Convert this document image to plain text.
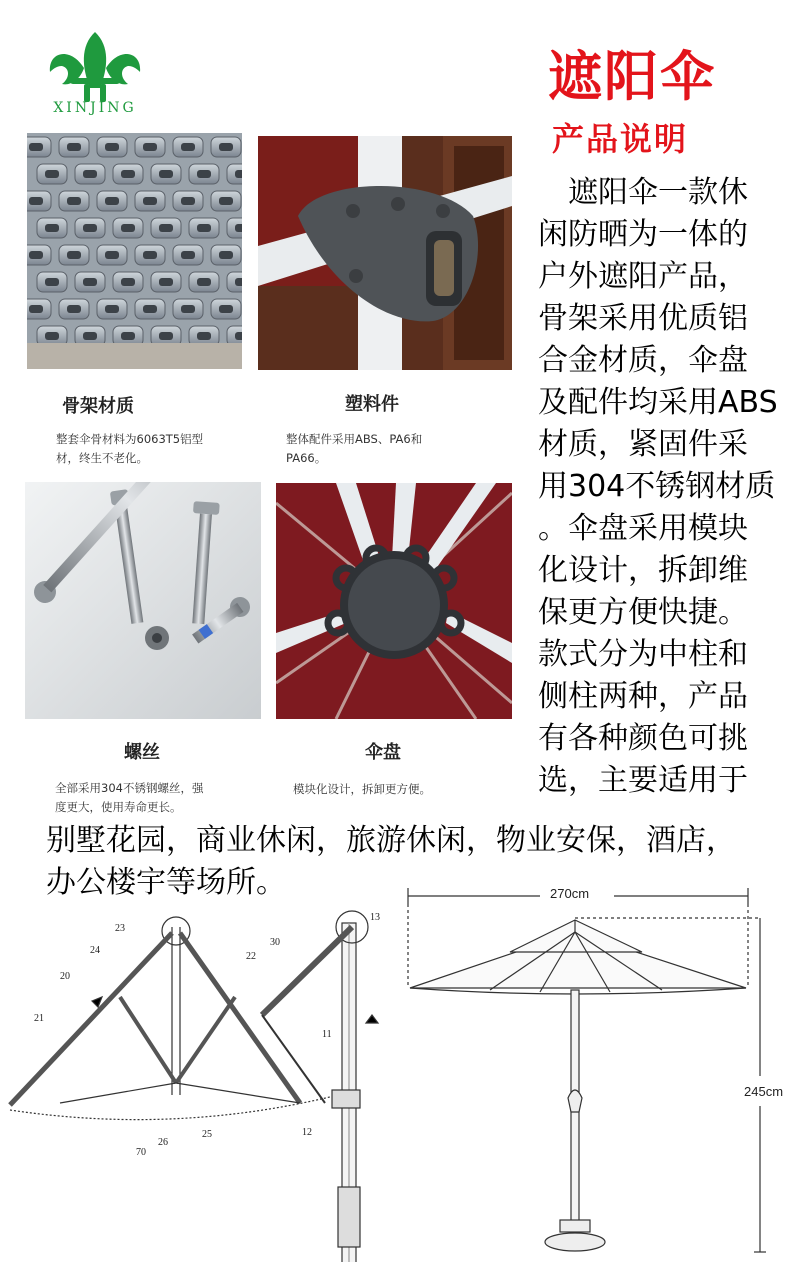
XINJING	遮阳伞
产品说明
骨架材质
整套伞骨材料为6063T5铝型
材，终生不老化。
塑料件
整体配件采用ABS、PA6和
PA66。
螺丝
全部采用304不锈钢螺丝，强
度更大，使用寿命更长。
伞盘
模块化设计，拆卸更方便。
　遮阳伞一款休
闲防晒为一体的
户外遮阳产品，
骨架采用优质铝
合金材质，伞盘
及配件均采用ABS
材质，紧固件采
用304不锈钢材质
。伞盘采用模块
化设计，拆卸维
保更方便快捷。
款式分为中柱和
侧柱两种，产品
有各种颜色可挑
选，主要适用于
别墅花园，商业休闲，旅游休闲，物业安保，酒店，
办公楼宇等场所。
23
24
20
21
22
30
11
12
13
25
26
70
270cm
245cm
